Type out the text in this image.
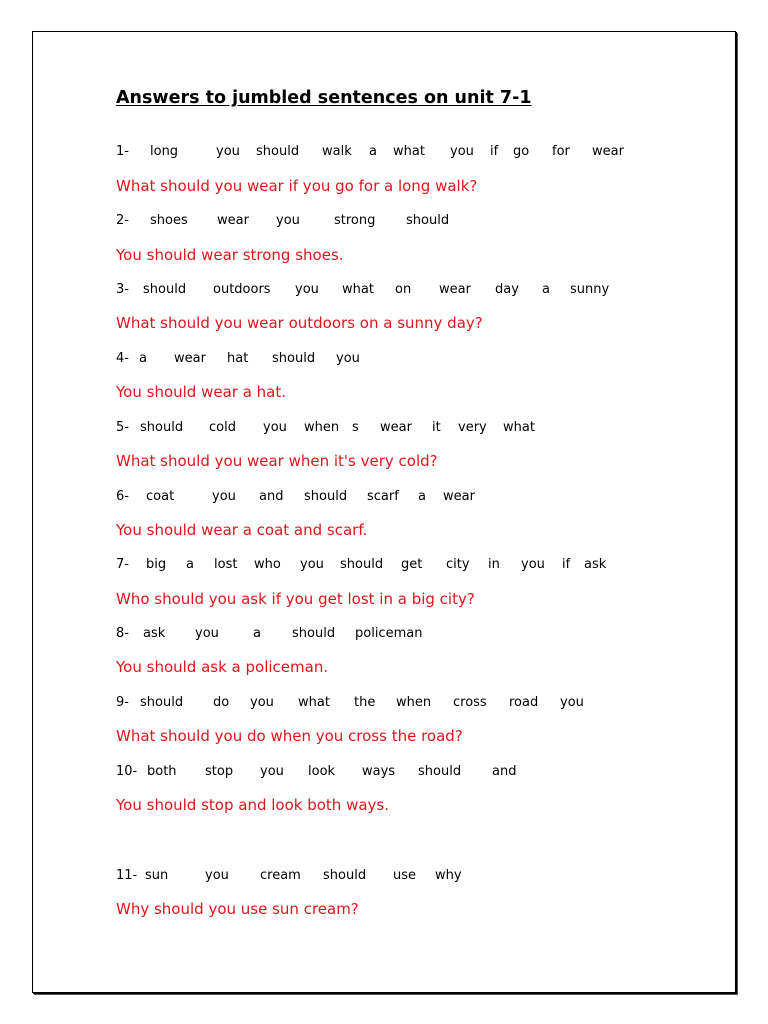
Answers to jumbled sentences on unit 7-1
1- long	you should walk a what you if go for wear
What should you wear if you go for a long walk?
2- shoes wear you	strong should
You should wear strong shoes.
3- should outdoors you what on wear day a sunny
What should you wear outdoors on a sunny day?
4- a wear hat should you
You should wear a hat.
5- should cold you when s wear it very what
What should you wear when it's very cold?
6- coat	you and should scarf a wear
You should wear a coat and scarf.
7- big a lost who you should get city in you if ask
Who should you ask if you get lost in a big city?
8- ask you	a should policeman
You should ask a policeman.
9- should do you what the when cross road you
What should you do when you cross the road?
10- both stop you look ways should and
You should stop and look both ways.
11- sun	you cream should use why
Why should you use sun cream?
